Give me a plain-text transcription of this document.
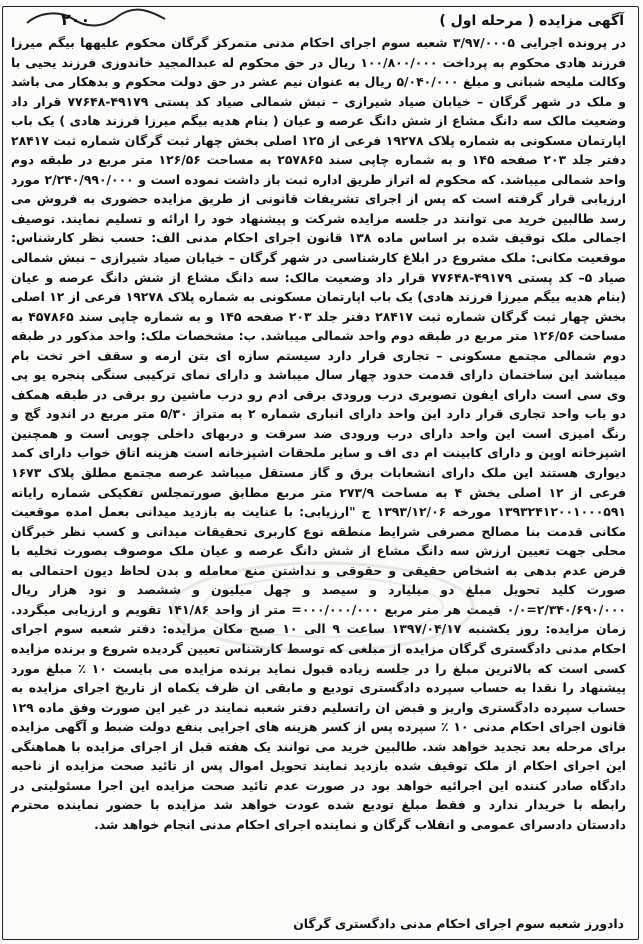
۲۰۰	آگهی مزایده ( مرحله اول )
در پرونده اجرایی ۳/۹۷/۰۰۰۵ شعبه سوم اجرای احکام مدنی متمرکز گرگان محکوم علیهها بیگم میرزا فرزند هادی محکوم به پرداخت ۱۰۰/۸۰۰/۰۰۰ ریال در حق محکوم له عبدالمجید خاندوزی فرزند یحیی با وکالت ملیحه شبانی و مبلغ ۵/۰۴۰/۰۰۰ ریال به عنوان نیم عشر در حق دولت محکوم و بدهکار می باشد و ملک در شهر گرگان – خیابان صیاد شیرازی – نبش شمالی صیاد کد پستی ۴۹۱۷۹-۷۷۶۴۸ قرار داد وضعیت مالک سه دانگ مشاع از شش دانگ عرصه و عیان ( بنام هدیه بیگم میرزا فرزند هادی ) یک باب اپارتمان مسکونی به شماره پلاک ۱۹۲۷۸ فرعی از ۱۲۵ اصلی بخش چهار ثبت گرگان شماره ثبت ۲۸۴۱۷ دفتر جلد ۲۰۳ صفحه ۱۴۵ و به شماره چاپی سند ۲۵۷۸۶۵ به مساحت ۱۲۶/۵۶ متر مربع در طبقه دوم واحد شمالی میباشد. که محکوم له اتراز طریق اداره ثبت باز داشت نموده است و ۲/۲۴۰/۹۹۰/۰۰۰ مورد ارزیابی قرار گرفته است که پس از اجرای تشریفات قانونی از طریق مزایده حضوری به فروش می رسد طالبین خرید می توانند در جلسه مزایده شرکت و پیشنهاد خود را ارائه و تسلیم نمایند. توصیف اجمالی ملک توقیف شده بر اساس ماده ۱۳۸ قانون اجرای احکام مدنی الف: حسب نظر کارشناس: موقعیت مکانی: ملک مشروع در ابلاغ کارشناسی در شهر گرگان – خیابان صیاد شیرازی – نبش شمالی صیاد ۵– کد پستی ۴۹۱۷۹-۷۷۶۴۸ قرار داد وضعیت مالک: سه دانگ مشاع از شش دانگ عرصه و عیان (بنام هدیه بیگم میرزا فرزند هادی) یک باب اپارتمان مسکونی به شماره پلاک ۱۹۲۷۸ فرعی از ۱۲ اصلی بخش چهار ثبت گرگان شماره ثبت ۲۸۴۱۷ دفتر جلد ۲۰۳ صفحه ۱۴۵ و به شماره چاپی سند ۴۵۷۸۶۵ به مساحت ۱۲۶/۵۶ متر مربع در طبقه دوم واحد شمالی میباشد. ب: مشخصات ملک: واحد مذکور در طبقه دوم شمالی مجتمع مسکونی – تجاری قرار دارد سیستم سازه ای بتن ارمه و سقف اخر تخت بام میباشد این ساختمان دارای قدمت حدود چهار سال میباشد و دارای نمای ترکیبی سنگی پنجره یو پی وی سی است دارای ایفون تصویری درب ورودی برقی ادم رو درب ماشین رو برقی در طبقه همکف دو باب واحد تجاری قرار دارد این واحد دارای انباری شماره ۲ به متراژ ۵/۳۰ متر مربع در اندود گچ و رنگ امیزی است این واحد دارای درب ورودی ضد سرقت و دربهای داخلی چوبی است و همچنین اشپزخانه اوپن و دارای کابینت ام دی اف و سایر ملحقات اشپزخانه است هزینه اتاق خواب دارای کمد دیواری هستند این ملک دارای انشعابات برق و گاز مستقل میباشد عرصه مجتمع مطلق پلاک ۱۶۷۳ فرعی از ۱۲ اصلی بخش ۴ به مساحت ۲۷۳/۹ متر مربع مطابق صورتمجلس تفکیکی شماره رایانه ۱۳۹۳۲۴۱۲۰۰۱۰۰۰۵۹۱ مورخه ۱۳۹۳/۱۲/۰۶ ج "ارزیابی: با عنایت به بازدید میدانی بعمل امده موقعیت مکانی قدمت بنا مصالح مصرفی شرایط منطقه نوع کاربری تحقیقات میدانی و کسب نظر خبرگان محلی جهت تعیین ارزش سه دانگ مشاع از شش دانگ عرصه و عیان ملک موصوف بصورت تخلیه با فرض عدم بدهی به اشخاص حقیقی و حقوقی و نداشتن منع معامله و بدن لحاظ دیون احتمالی به صورت کلید تحویل مبلغ دو میلیارد و سیصد و چهل میلیون و ششصد و نود هزار ریال ۲/۳۴۰/۶۹۰/۰۰۰=۰/۰ قیمت هر متر مربع ۰۰۰/۰۰۰/۰۰۰= متر از واحد ۱۴۱/۸۶ تقویم و ارزیابی میگردد. زمان مزایده: روز یکشنبه ۱۳۹۷/۰۴/۱۷ ساعت ۹ الی ۱۰ صبح مکان مزایده: دفتر شعبه سوم اجرای احکام مدنی دادگستری گرگان مزایده از مبلغی که توسط کارشناس تعیین گردیده شروع و برنده مزایده کسی است که بالاترین مبلغ را در جلسه زیاده قبول نماید برنده مزایده می بایست ۱۰ ٪ مبلغ مورد پیشنهاد را نقدا به حساب سپرده دادگستری تودیع و مابقی ان ظرف یکماه از تاریخ اجرای مزایده به حساب سپرده دادگستری واریز و قبض ان راتسلیم دفتر شعبه نمایند در غیر این صورت وفق ماده ۱۲۹ قانون اجرای احکام مدنی ۱۰ ٪ سپرده پس از کسر هزینه های اجرایی بنفع دولت ضبط و آگهی مزایده برای مرحله بعد تجدید خواهد شد. طالبین خرید می توانند یک هفته قبل از اجرای مزایده با هماهنگی این اجرای احکام از ملک توقیف شده بازدید نمایند تحویل اموال پس از تائید صحت مزایده از ناحیه دادگاه صادر کننده این اجرائیه خواهد بود در صورت عدم تائید صحت مزایده این اجرا مسئولیتی در رابطه با خریدار ندارد و فقط مبلغ تودیع شده عودت خواهد شد مزایده با حضور نماینده محترم دادستان دادسرای عمومی و انقلاب گرگان و نماینده اجرای احکام مدنی انجام خواهد شد.
دادورز شعبه سوم اجرای احکام مدنی دادگستری گرگان
